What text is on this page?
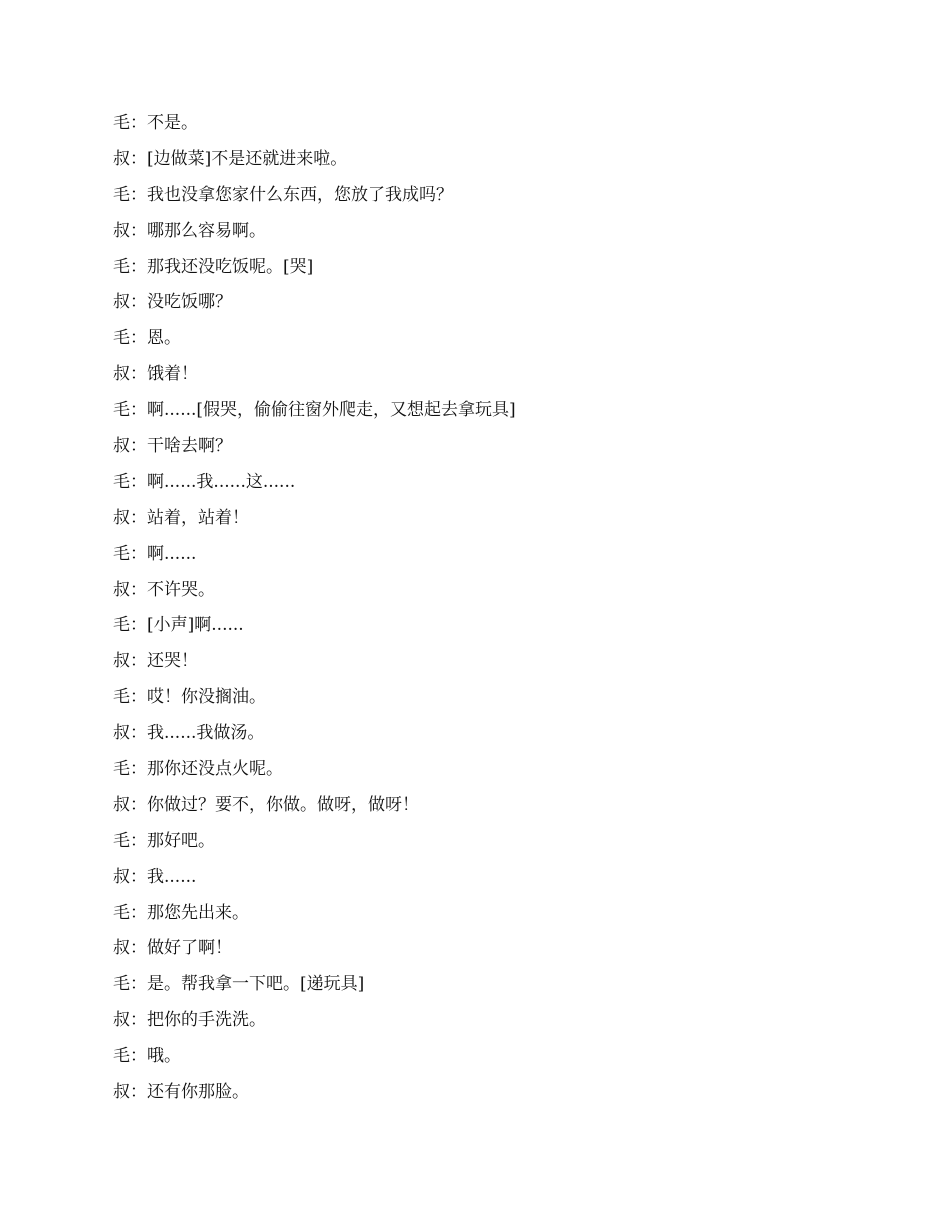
毛：不是。
叔：[边做菜]不是还就进来啦。
毛：我也没拿您家什么东西，您放了我成吗？
叔：哪那么容易啊。
毛：那我还没吃饭呢。[哭]
叔：没吃饭哪？
毛：恩。
叔：饿着！
毛：啊......[假哭，偷偷往窗外爬走，又想起去拿玩具]
叔：干啥去啊？
毛：啊......我......这......
叔：站着，站着！
毛：啊......
叔：不许哭。
毛：[小声]啊......
叔：还哭！
毛：哎！你没搁油。
叔：我......我做汤。
毛：那你还没点火呢。
叔：你做过？要不，你做。做呀，做呀！
毛：那好吧。
叔：我......
毛：那您先出来。
叔：做好了啊！
毛：是。帮我拿一下吧。[递玩具]
叔：把你的手洗洗。
毛：哦。
叔：还有你那脸。
